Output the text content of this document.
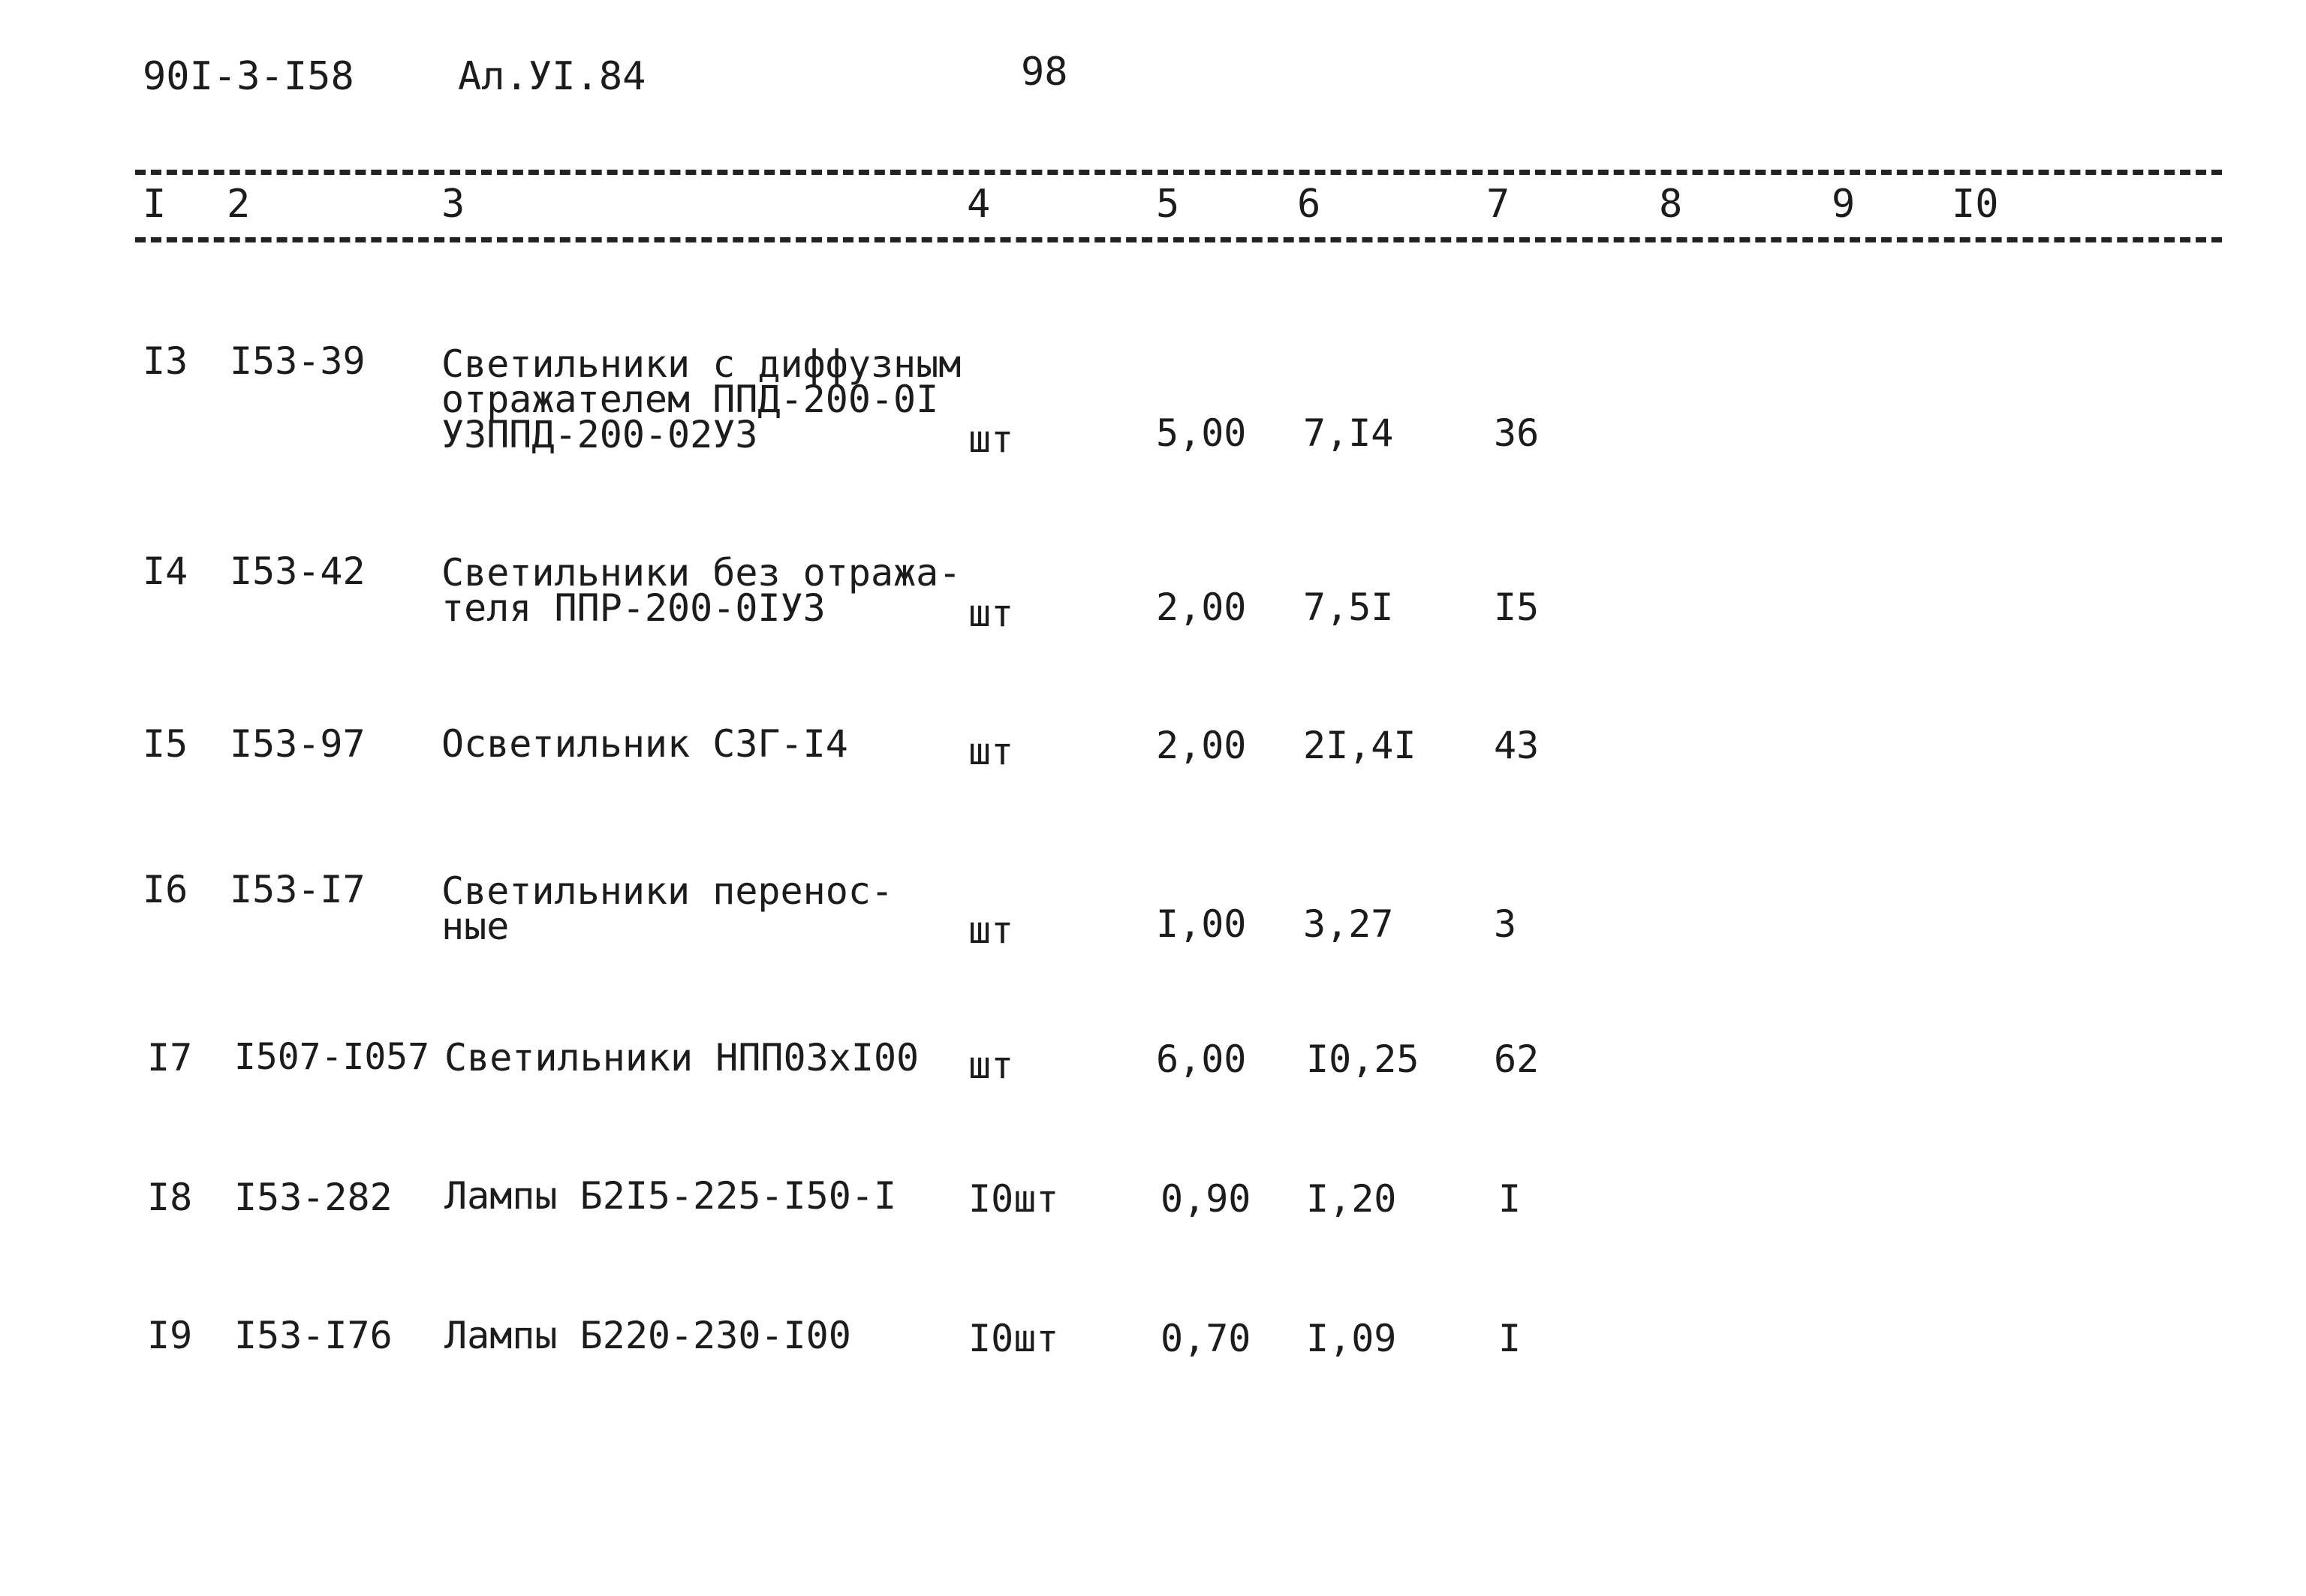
90I-3-I58	Ал.УI.84	98
I 2	3	4	5	6	7	8	9 I0
I3 I53-39 Светильники с диффузным
отражателем ППД-200-0I
УЗППД-200-02УЗ	шт	5,00 7,I4	36
I4 I53-42 Светильники без отража-
теля ППР-200-0IУЗ	шт	2,00 7,5I	I5
I5 I53-97 Осветильник СЗГ-I4	шт	2,00 2I,4I 43
I6 I53-I7 Светильники перенос-
ные	шт	I,00 3,27	3
I7 I507-I057 Светильники НПП03хI00 шт	6,00 I0,25 62
I8 I53-282 Лампы Б2I5-225-I50-I I0шт	0,90 I,20	I
I9 I53-I76 Лампы Б220-230-I00	I0шт	0,70 I,09	I
